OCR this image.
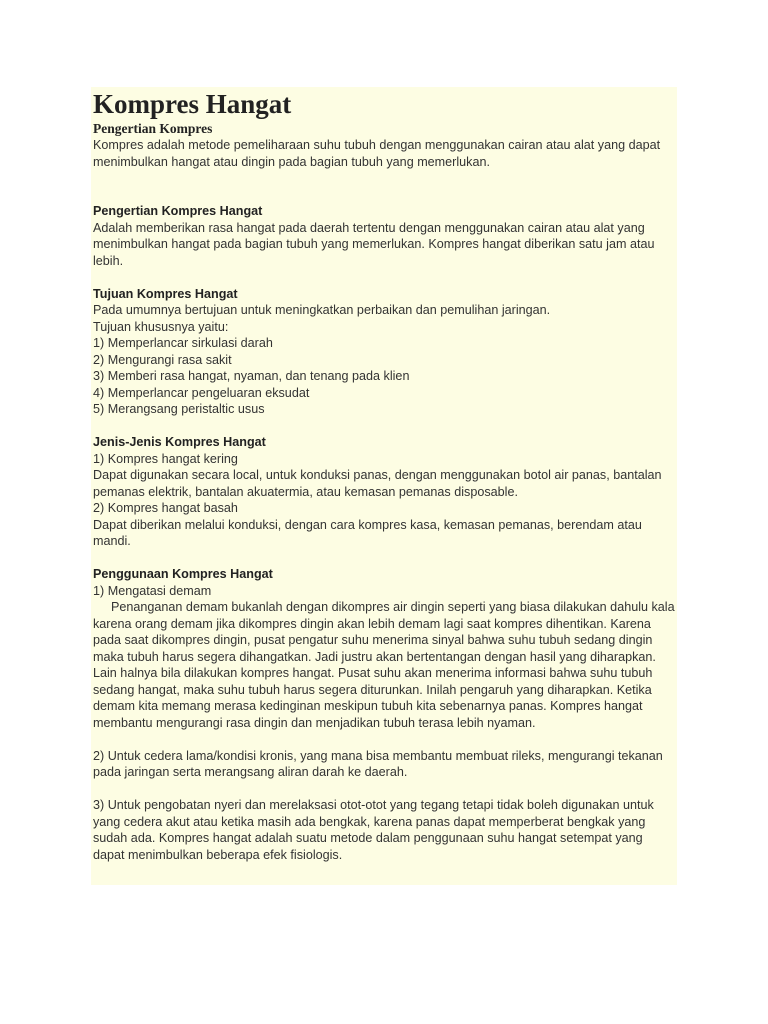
Kompres Hangat

Pengertian Kompres

Kompres adalah metode pemeliharaan suhu tubuh dengan menggunakan cairan atau alat yang dapat menimbulkan hangat atau dingin pada bagian tubuh yang memerlukan.

Pengertian Kompres Hangat

Adalah memberikan rasa hangat pada daerah tertentu dengan menggunakan cairan atau alat yang menimbulkan hangat pada bagian tubuh yang memerlukan. Kompres hangat diberikan satu jam atau lebih.

Tujuan Kompres Hangat

Pada umumnya bertujuan untuk meningkatkan perbaikan dan pemulihan jaringan.

Tujuan khususnya yaitu:

1) Memperlancar sirkulasi darah

2) Mengurangi rasa sakit

3) Memberi rasa hangat, nyaman, dan tenang pada klien

4) Memperlancar pengeluaran eksudat

5) Merangsang peristaltic usus

Jenis-Jenis Kompres Hangat

1) Kompres hangat kering

Dapat digunakan secara local, untuk konduksi panas, dengan menggunakan botol air panas, bantalan pemanas elektrik, bantalan akuatermia, atau kemasan pemanas disposable.

2) Kompres hangat basah

Dapat diberikan melalui konduksi, dengan cara kompres kasa, kemasan pemanas, berendam atau mandi.

Penggunaan Kompres Hangat

1) Mengatasi demam

Penanganan demam bukanlah dengan dikompres air dingin seperti yang biasa dilakukan dahulu kala karena orang demam jika dikompres dingin akan lebih demam lagi saat kompres dihentikan. Karena pada saat dikompres dingin, pusat pengatur suhu menerima sinyal bahwa suhu tubuh sedang dingin maka tubuh harus segera dihangatkan. Jadi justru akan bertentangan dengan hasil yang diharapkan. Lain halnya bila dilakukan kompres hangat. Pusat suhu akan menerima informasi bahwa suhu tubuh sedang hangat, maka suhu tubuh harus segera diturunkan. Inilah pengaruh yang diharapkan. Ketika demam kita memang merasa kedinginan meskipun tubuh kita sebenarnya panas. Kompres hangat membantu mengurangi rasa dingin dan menjadikan tubuh terasa lebih nyaman.

2) Untuk cedera lama/kondisi kronis, yang mana bisa membantu membuat rileks, mengurangi tekanan pada jaringan serta merangsang aliran darah ke daerah.

3) Untuk pengobatan nyeri dan merelaksasi otot-otot yang tegang tetapi tidak boleh digunakan untuk yang cedera akut atau ketika masih ada bengkak, karena panas dapat memperberat bengkak yang sudah ada. Kompres hangat adalah suatu metode dalam penggunaan suhu hangat setempat yang dapat menimbulkan beberapa efek fisiologis.
